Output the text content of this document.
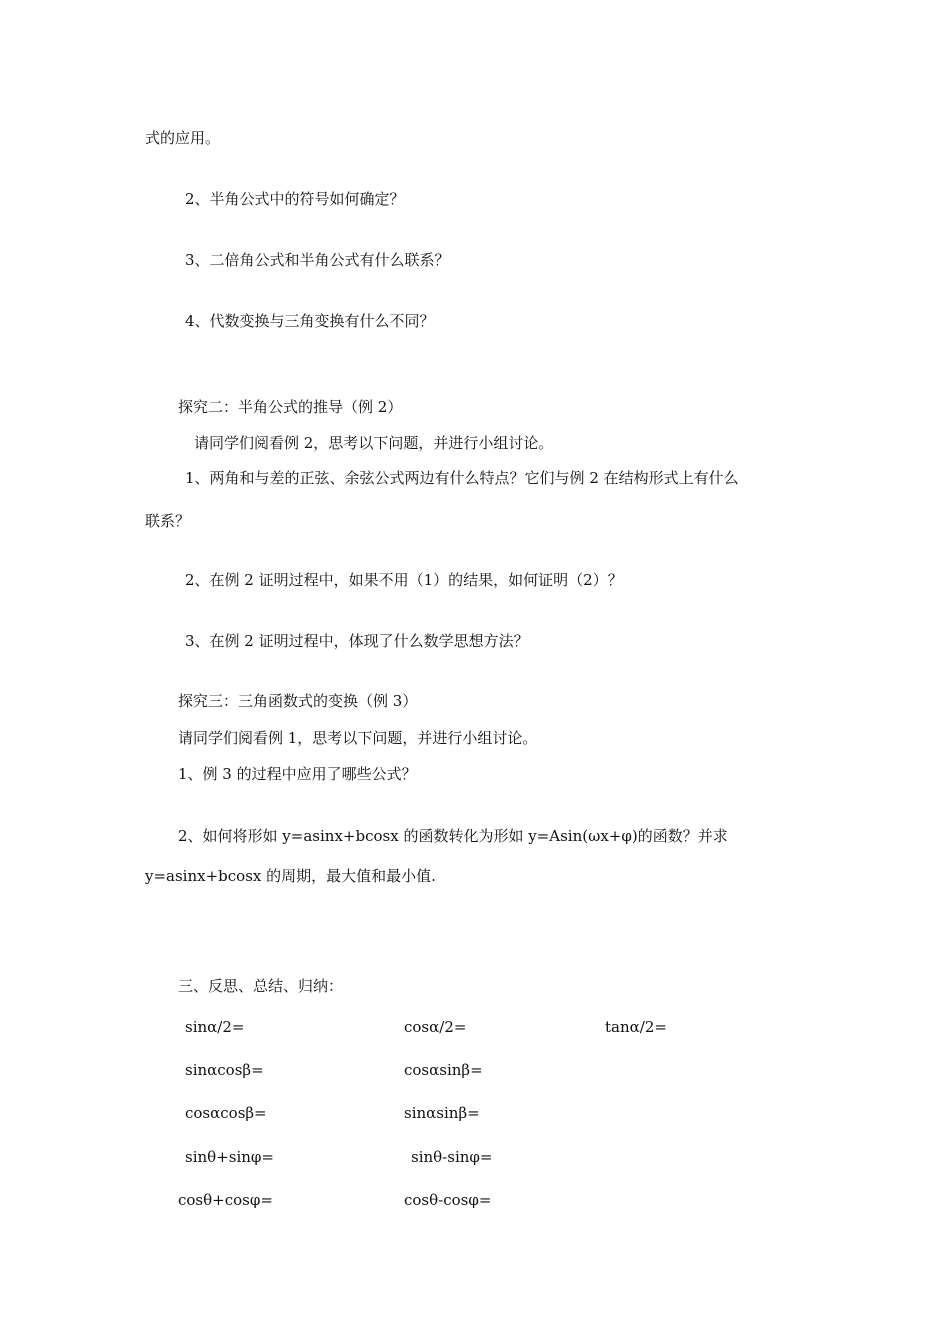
式的应用。
2、半角公式中的符号如何确定？
3、二倍角公式和半角公式有什么联系？
4、代数变换与三角变换有什么不同？
探究二：半角公式的推导（例 2）
请同学们阅看例 2，思考以下问题，并进行小组讨论。
1、两角和与差的正弦、余弦公式两边有什么特点？它们与例 2 在结构形式上有什么
联系？
2、在例 2 证明过程中，如果不用（1）的结果，如何证明（2）？
3、在例 2 证明过程中，体现了什么数学思想方法？
探究三：三角函数式的变换（例 3）
请同学们阅看例 1，思考以下问题，并进行小组讨论。
1、例 3 的过程中应用了哪些公式？
2、如何将形如 y=asinx+bcosx 的函数转化为形如 y=Asin(ωx+φ)的函数？并求
y=asinx+bcosx 的周期，最大值和最小值.
三、反思、总结、归纳：
sinα/2=	cosα/2=	tanα/2=
sinαcosβ=	cosαsinβ=
cosαcosβ=	sinαsinβ=
sinθ+sinφ=	sinθ-sinφ=
cosθ+cosφ=	cosθ-cosφ=
